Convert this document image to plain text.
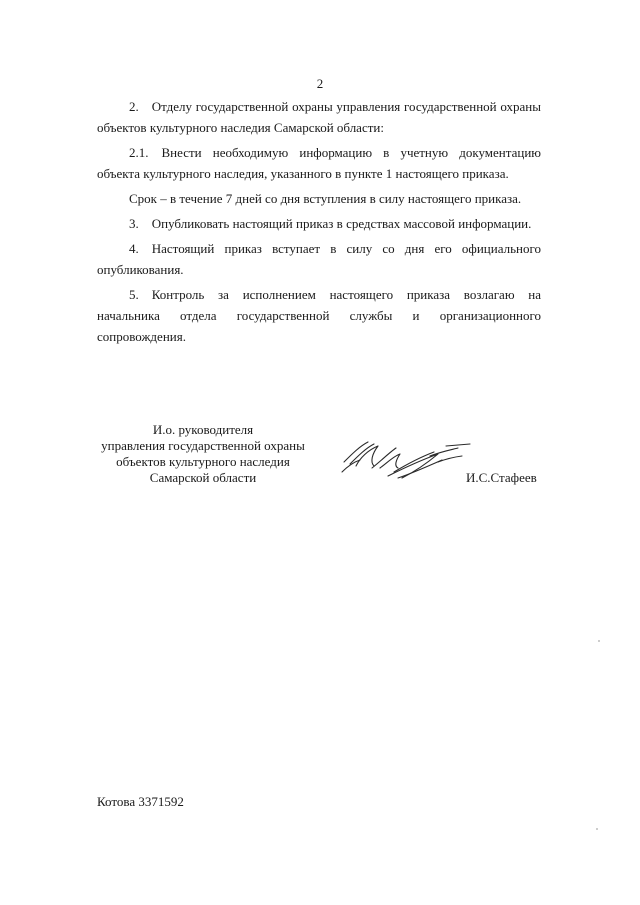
2

2. Отделу государственной охраны управления государственной охраны объектов культурного наследия Самарской области:

2.1. Внести необходимую информацию в учетную документацию объекта культурного наследия, указанного в пункте 1 настоящего приказа.

Срок – в течение 7 дней со дня вступления в силу настоящего приказа.

3. Опубликовать настоящий приказ в средствах массовой информации.

4. Настоящий приказ вступает в силу со дня его официального опубликования.

5. Контроль за исполнением настоящего приказа возлагаю на начальника отдела государственной службы и организационного сопровождения.

И.о. руководителя
управления государственной охраны
объектов культурного наследия
Самарской области	И.С.Стафеев
Котова 3371592
